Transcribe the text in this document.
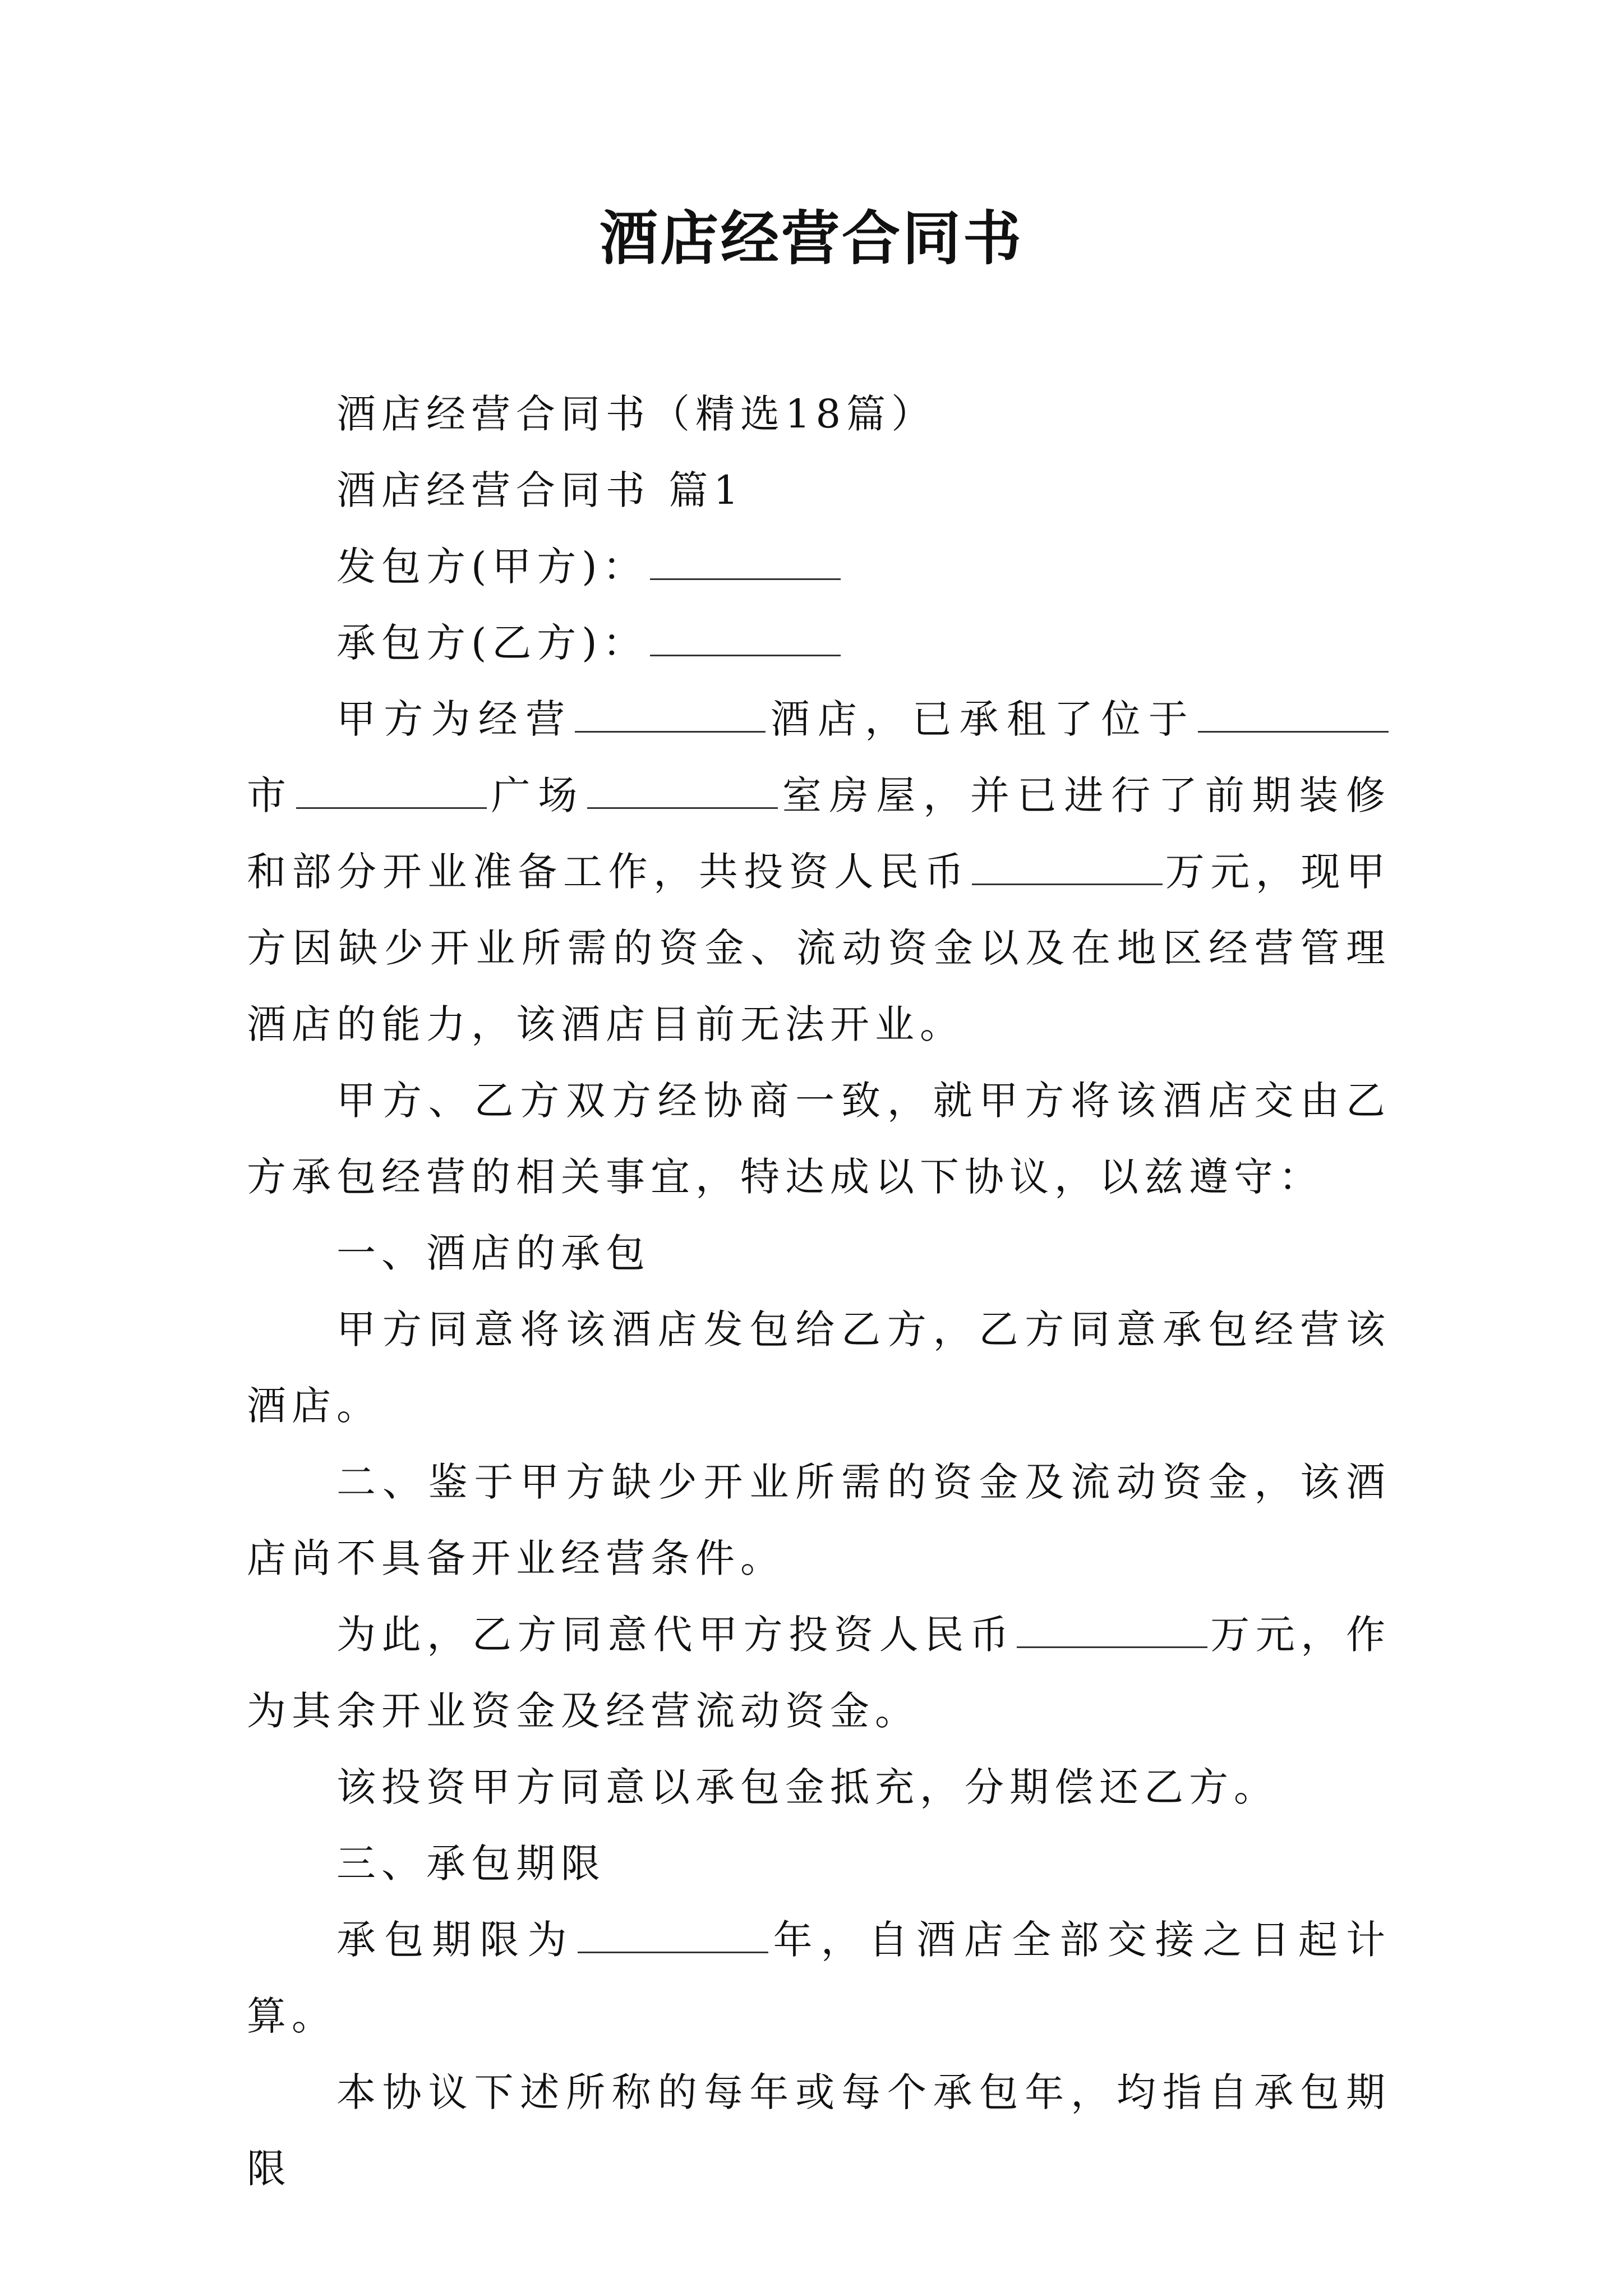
酒店经营合同书

酒店经营合同书（精选18篇）

酒店经营合同书 篇1

发包方(甲方)：

承包方(乙方)：

甲方为经营	酒店，已承租了位于市	广场	室房屋，并已进行了前期装修和部分开业准备工作，共投资人民币	万元，现甲方因缺少开业所需的资金、流动资金以及在地区经营管理酒店的能力，该酒店目前无法开业。

甲方、乙方双方经协商一致，就甲方将该酒店交由乙方承包经营的相关事宜，特达成以下协议，以兹遵守：

一、酒店的承包

甲方同意将该酒店发包给乙方，乙方同意承包经营该酒店。

二、鉴于甲方缺少开业所需的资金及流动资金，该酒店尚不具备开业经营条件。

为此，乙方同意代甲方投资人民币	万元，作为其余开业资金及经营流动资金。

该投资甲方同意以承包金抵充，分期偿还乙方。

三、承包期限

承包期限为	年，自酒店全部交接之日起计算。

本协议下述所称的每年或每个承包年，均指自承包期限
